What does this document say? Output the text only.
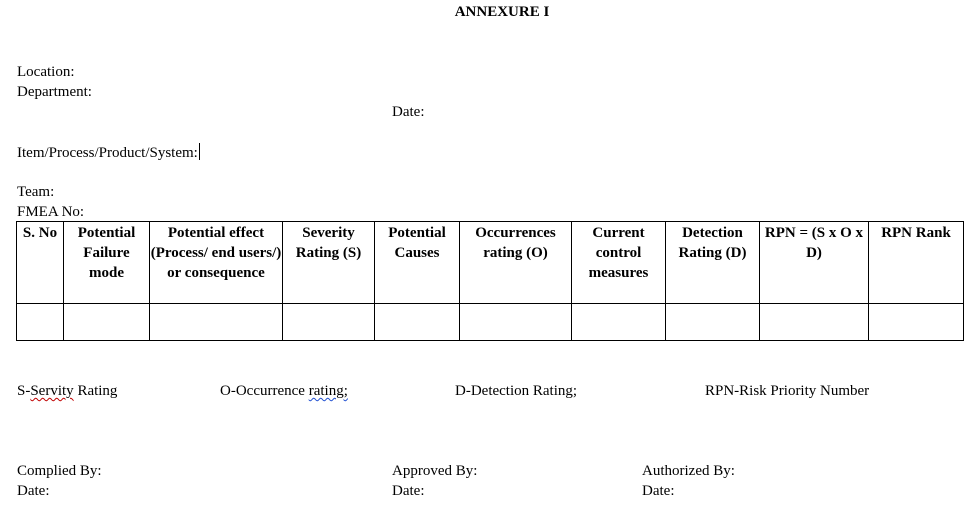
ANNEXURE I
Location:
Department:
Date:
Item/Process/Product/System:
Team:
FMEA No:
S. No	Potential Failure mode	Potential effect (Process/ end users/) or consequence	Severity Rating (S)	Potential Causes	Occurrences rating (O)	Current control measures	Detection Rating (D)	RPN = (S x O x D)	RPN Rank

S-Servity Rating	O-Occurrence rating;	D-Detection Rating;	RPN-Risk Priority Number
Complied By:
Date:
Approved By:
Date:
Authorized By:
Date:
